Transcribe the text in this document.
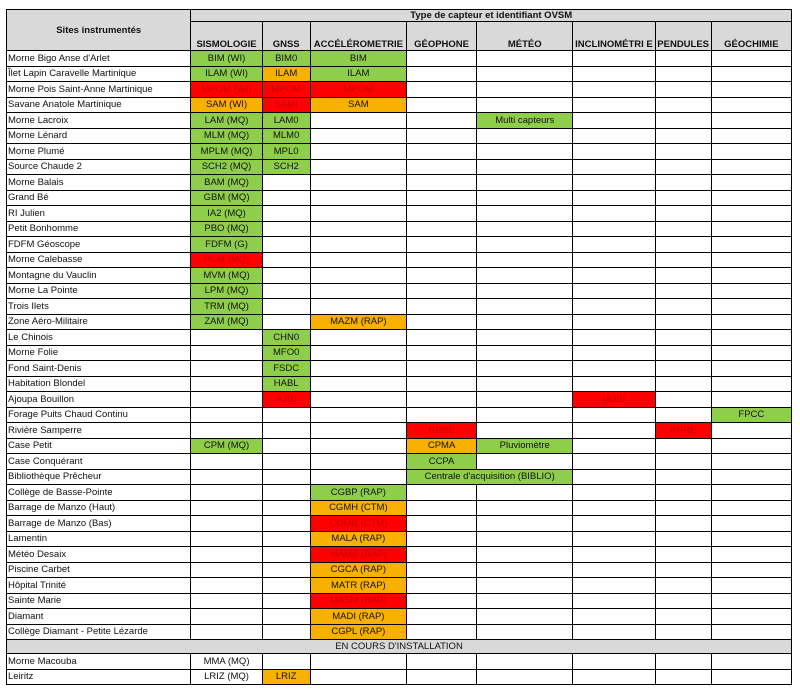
Sites instrumentés	Type de capteur et identifiant OVSM							
	SISMOLOGIE	GNSS	ACCÉLÉROMETRIE	GÉOPHONE	MÉTÉO	INCLINOMÉTRI E	PENDULES	GÉOCHIMIE
Morne Bigo Anse d'Arlet	BIM (WI)	BIM0	BIM					
Îlet Lapin Caravelle Martinique	ILAM (WI)	ILAM	ILAM					
Morne Pois Saint-Anne Martinique	MPOM (WI)	MPOM	MPOM					
Savane Anatole Martinique	SAM (WI)	SAMI	SAM					
Morne Lacroix	LAM (MQ)	LAM0			Multi capteurs			
Morne Lénard	MLM (MQ)	MLM0						
Morne Plumé	MPLM (MQ)	MPL0						
Source Chaude 2	SCH2 (MQ)	SCH2						
Morne Balais	BAM (MQ)							
Grand Bé	GBM (MQ)							
RI Julien	IA2 (MQ)							
Petit Bonhomme	PBO (MQ)							
FDFM Géoscope	FDFM (G)							
Morne Calebasse	PCM (MQ)							
Montagne du Vauclin	MVM (MQ)							
Morne La Pointe	LPM (MQ)							
Trois Ilets	TRM (MQ)							
Zone Aéro-Militaire	ZAM (MQ)		MAZM (RAP)					
Le Chinois		CHN0						
Morne Folie		MFO0						
Fond Saint-Denis		FSDC						
Habitation Blondel		HABL						
Ajoupa Bouillon		AJBI				IAJBI		
Forage Puits Chaud Continu								FPCC
Rivière Samperre				RPRE			RPRE	
Case Petit	CPM (MQ)			CPMA	Pluviomètre			
Case Conquérant				CCPA				
Bibliothèque Prêcheur				Centrale d'acquisition (BIBLIO)				
Collège de Basse-Pointe			CGBP (RAP)					
Barrage de Manzo (Haut)			CGMH (CTM)					
Barrage de Manzo (Bas)			CGMB (CTM)					
Lamentin			MALA (RAP)					
Météo Desaix			MAMS (RAP)					
Piscine Carbet			CGCA (RAP)					
Hôpital Trinité			MATR (RAP)					
Sainte Marie			MASM (RAP)					
Diamant			MADI (RAP)					
Collège Diamant - Petite Lézarde			CGPL (RAP)					
EN COURS D'INSTALLATION								
Morne Macouba	MMA (MQ)							
Leiritz	LRIZ (MQ)	LRIZ						
